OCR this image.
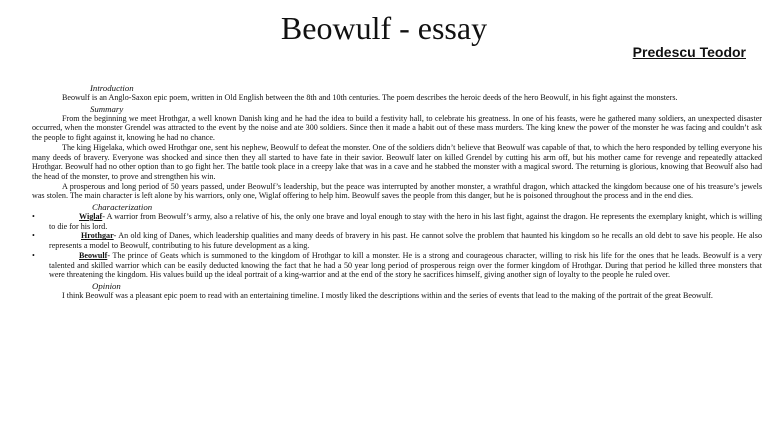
Beowulf - essay
Predescu Teodor
Introduction

Beowulf is an Anglo-Saxon epic poem, written in Old English between the 8th and 10th centuries. The poem describes the heroic deeds of the hero Beowulf, in his fight against the monsters.

Summary

From the beginning we meet Hrothgar, a well known Danish king and he had the idea to build a festivity hall, to celebrate his greatness. In one of his feasts, were he gathered many soldiers, an unexpected disaster occurred, when the monster Grendel was attracted to the event by the noise and ate 300 soldiers. Since then it made a habit out of these mass murders. The king knew the power of the monster he was facing and couldn’t ask the people to fight against it, knowing he had no chance.

The king Higelaka, which owed Hrothgar one, sent his nephew, Beowulf to defeat the monster. One of the soldiers didn’t believe that Beowulf was capable of that, to which the hero responded by telling everyone his many deeds of bravery. Everyone was shocked and since then they all started to have fate in their savior. Beowulf later on killed Grendel by cutting his arm off, but his mother came for revenge and repeatedly attacked Hrothgar. Beowulf had no other option than to go fight her. The battle took place in a creepy lake that was in a cave and he stabbed the monster with a magical sword. The returning is glorious, knowing that Beowulf also had the head of the monster, to prove and strengthen his win.

A prosperous and long period of 50 years passed, under Beowulf’s leadership, but the peace was interrupted by another monster, a wrathful dragon, which attacked the kingdom because one of his treasure’s jewels was stolen. The main character is left alone by his warriors, only one, Wiglaf offering to help him. Beowulf saves the people from this danger, but he is poisoned throughout the process and in the end dies.

Characterization
•	Wiglaf- A warrior from Beowulf’s army, also a relative of his, the only one brave and loyal enough to stay with the hero in his last fight, against the dragon. He represents the exemplary knight, which is willing to die for his lord.
•	Hrothgar- An old king of Danes, which leadership qualities and many deeds of bravery in his past. He cannot solve the problem that haunted his kingdom so he recalls an old debt to save his people. He also represents a model to Beowulf, contributing to his future development as a king.
•	Beowulf- The prince of Geats which is summoned to the kingdom of Hrothgar to kill a monster. He is a strong and courageous character, willing to risk his life for the ones that he leads. Beowulf is a very talented and skilled warrior which can be easily deducted knowing the fact that he had a 50 year long period of prosperous reign over the former kingdom of Hrothgar. During that period he killed three monsters that were threatening the kingdom. His values build up the ideal portrait of a king-warrior and at the end of the story he sacrifices himself, giving another sign of loyalty to the people he ruled over.
Opinion

I think Beowulf was a pleasant epic poem to read with an entertaining timeline. I mostly liked the descriptions within and the series of events that lead to the making of the portrait of the great Beowulf.
